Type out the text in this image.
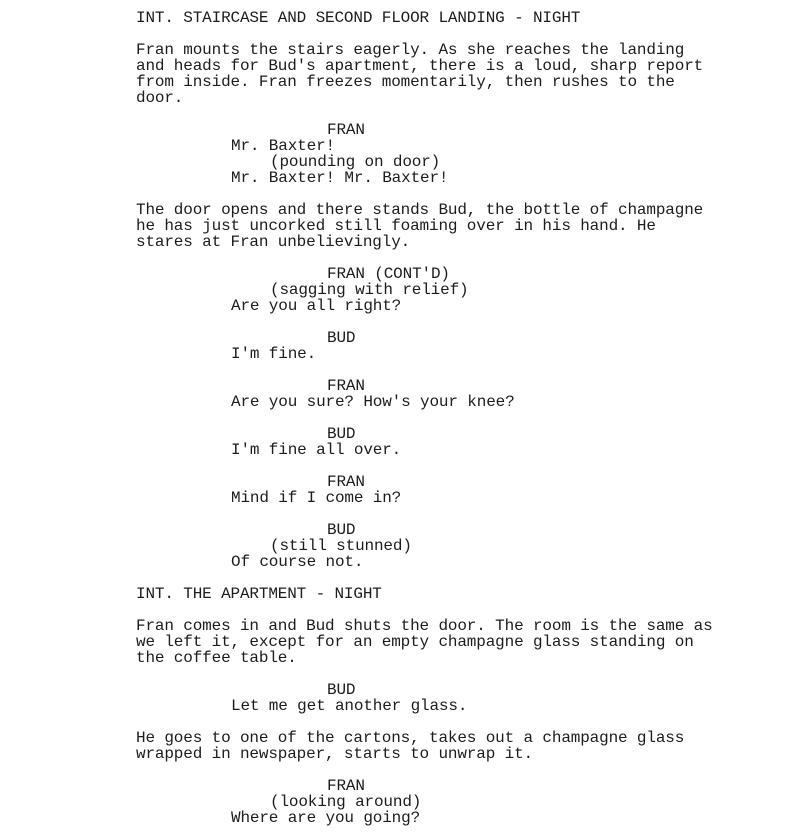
INT. STAIRCASE AND SECOND FLOOR LANDING - NIGHT
Fran mounts the stairs eagerly. As she reaches the landing
and heads for Bud's apartment, there is a loud, sharp report
from inside. Fran freezes momentarily, then rushes to the
door.
FRAN
Mr. Baxter!
(pounding on door)
Mr. Baxter! Mr. Baxter!
The door opens and there stands Bud, the bottle of champagne
he has just uncorked still foaming over in his hand. He
stares at Fran unbelievingly.
FRAN (CONT'D)
(sagging with relief)
Are you all right?
BUD
I'm fine.
FRAN
Are you sure? How's your knee?
BUD
I'm fine all over.
FRAN
Mind if I come in?
BUD
(still stunned)
Of course not.
INT. THE APARTMENT - NIGHT
Fran comes in and Bud shuts the door. The room is the same as
we left it, except for an empty champagne glass standing on
the coffee table.
BUD
Let me get another glass.
He goes to one of the cartons, takes out a champagne glass
wrapped in newspaper, starts to unwrap it.
FRAN
(looking around)
Where are you going?
